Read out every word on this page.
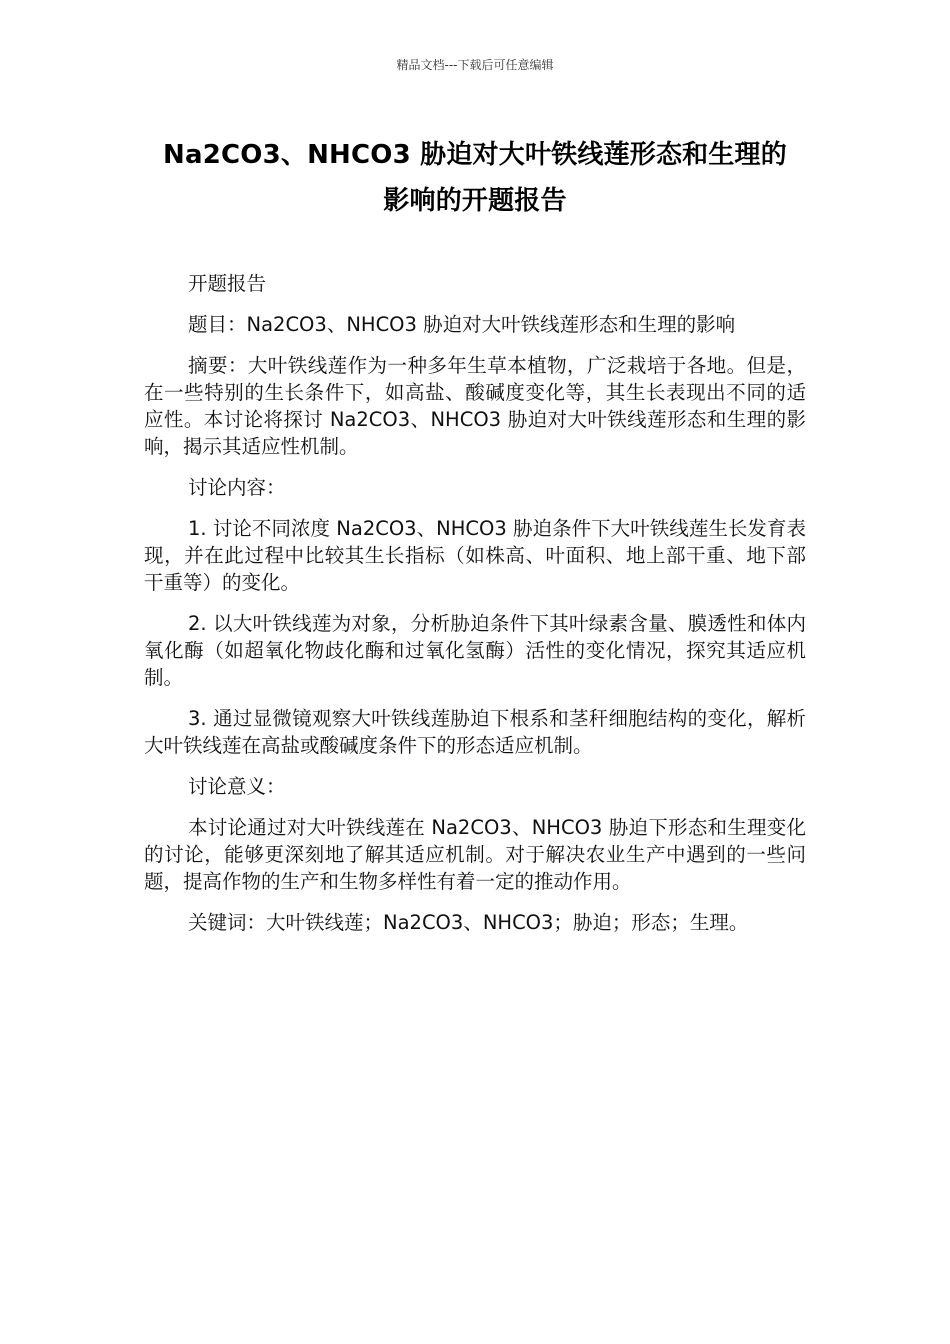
精品文档---下载后可任意编辑
Na2CO3、NHCO3 胁迫对大叶铁线莲形态和生理的
影响的开题报告

开题报告

题目：Na2CO3、NHCO3 胁迫对大叶铁线莲形态和生理的影响

摘要：大叶铁线莲作为一种多年生草本植物，广泛栽培于各地。但是，在一些特别的生长条件下，如高盐、酸碱度变化等，其生长表现出不同的适应性。本讨论将探讨 Na2CO3、NHCO3 胁迫对大叶铁线莲形态和生理的影响，揭示其适应性机制。

讨论内容：

1. 讨论不同浓度 Na2CO3、NHCO3 胁迫条件下大叶铁线莲生长发育表现，并在此过程中比较其生长指标（如株高、叶面积、地上部干重、地下部干重等）的变化。

2. 以大叶铁线莲为对象，分析胁迫条件下其叶绿素含量、膜透性和体内氧化酶（如超氧化物歧化酶和过氧化氢酶）活性的变化情况，探究其适应机制。

3. 通过显微镜观察大叶铁线莲胁迫下根系和茎秆细胞结构的变化，解析大叶铁线莲在高盐或酸碱度条件下的形态适应机制。

讨论意义：

本讨论通过对大叶铁线莲在 Na2CO3、NHCO3 胁迫下形态和生理变化的讨论，能够更深刻地了解其适应机制。对于解决农业生产中遇到的一些问题，提高作物的生产和生物多样性有着一定的推动作用。

关键词：大叶铁线莲；Na2CO3、NHCO3；胁迫；形态；生理。
